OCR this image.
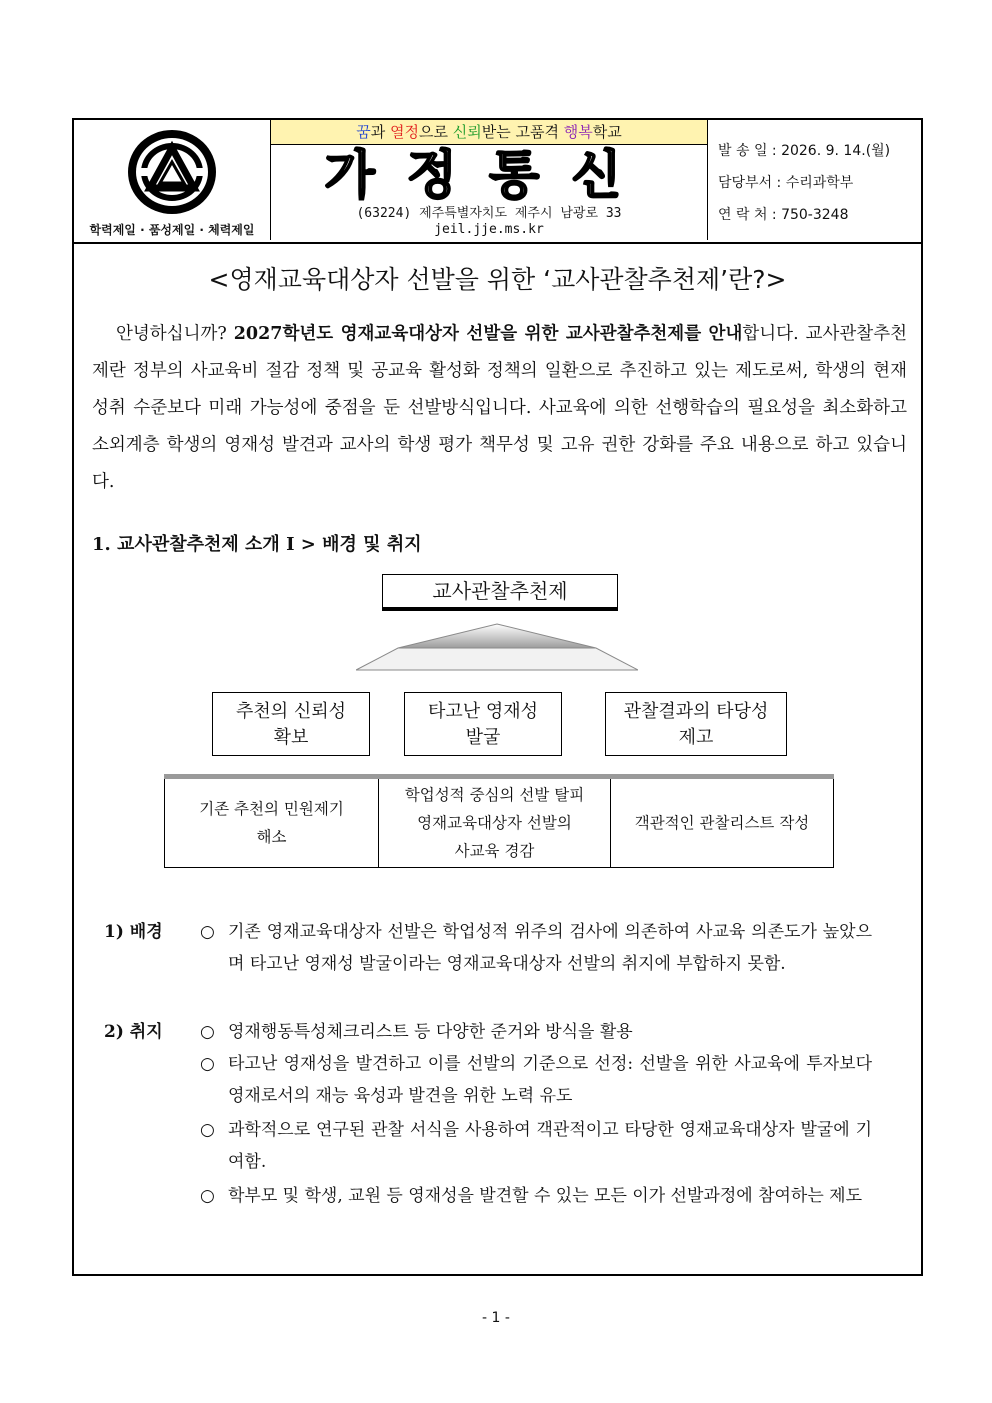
학력제일 · 품성제일 · 체력제일
꿈과 열정으로 신뢰받는 고품격 행복학교
가정통신
(63224) 제주특별자치도 제주시 남광로 33
jeil.jje.ms.kr
발 송 일 : 2026. 9. 14.(월)
담당부서 : 수리과학부
연 락 처 : 750-3248
<영재교육대상자 선발을 위한 ‘교사관찰추천제’란?>
안녕하십니까? 2027학년도 영재교육대상자 선발을 위한 교사관찰추천제를 안내합니다. 교사관찰추천제란 정부의 사교육비 절감 정책 및 공교육 활성화 정책의 일환으로 추진하고 있는 제도로써, 학생의 현재 성취 수준보다 미래 가능성에 중점을 둔 선발방식입니다. 사교육에 의한 선행학습의 필요성을 최소화하고 소외계층 학생의 영재성 발견과 교사의 학생 평가 책무성 및 고유 권한 강화를 주요 내용으로 하고 있습니다.
1. 교사관찰추천제 소개 Ⅰ > 배경 및 취지
교사관찰추천제
추천의 신뢰성
확보
타고난 영재성
발굴
관찰결과의 타당성
제고
기존 추천의 민원제기
해소
학업성적 중심의 선발 탈피
영재교육대상자 선발의
사교육 경감
객관적인 관찰리스트 작성
1) 배경 ○ 기존 영재교육대상자 선발은 학업성적 위주의 검사에 의존하여 사교육 의존도가 높았으며 타고난 영재성 발굴이라는 영재교육대상자 선발의 취지에 부합하지 못함.
2) 취지 ○ 영재행동특성체크리스트 등 다양한 준거와 방식을 활용
○ 타고난 영재성을 발견하고 이를 선발의 기준으로 선정: 선발을 위한 사교육에 투자보다 영재로서의 재능 육성과 발견을 위한 노력 유도
○ 과학적으로 연구된 관찰 서식을 사용하여 객관적이고 타당한 영재교육대상자 발굴에 기여함.
○ 학부모 및 학생, 교원 등 영재성을 발견할 수 있는 모든 이가 선발과정에 참여하는 제도
- 1 -
